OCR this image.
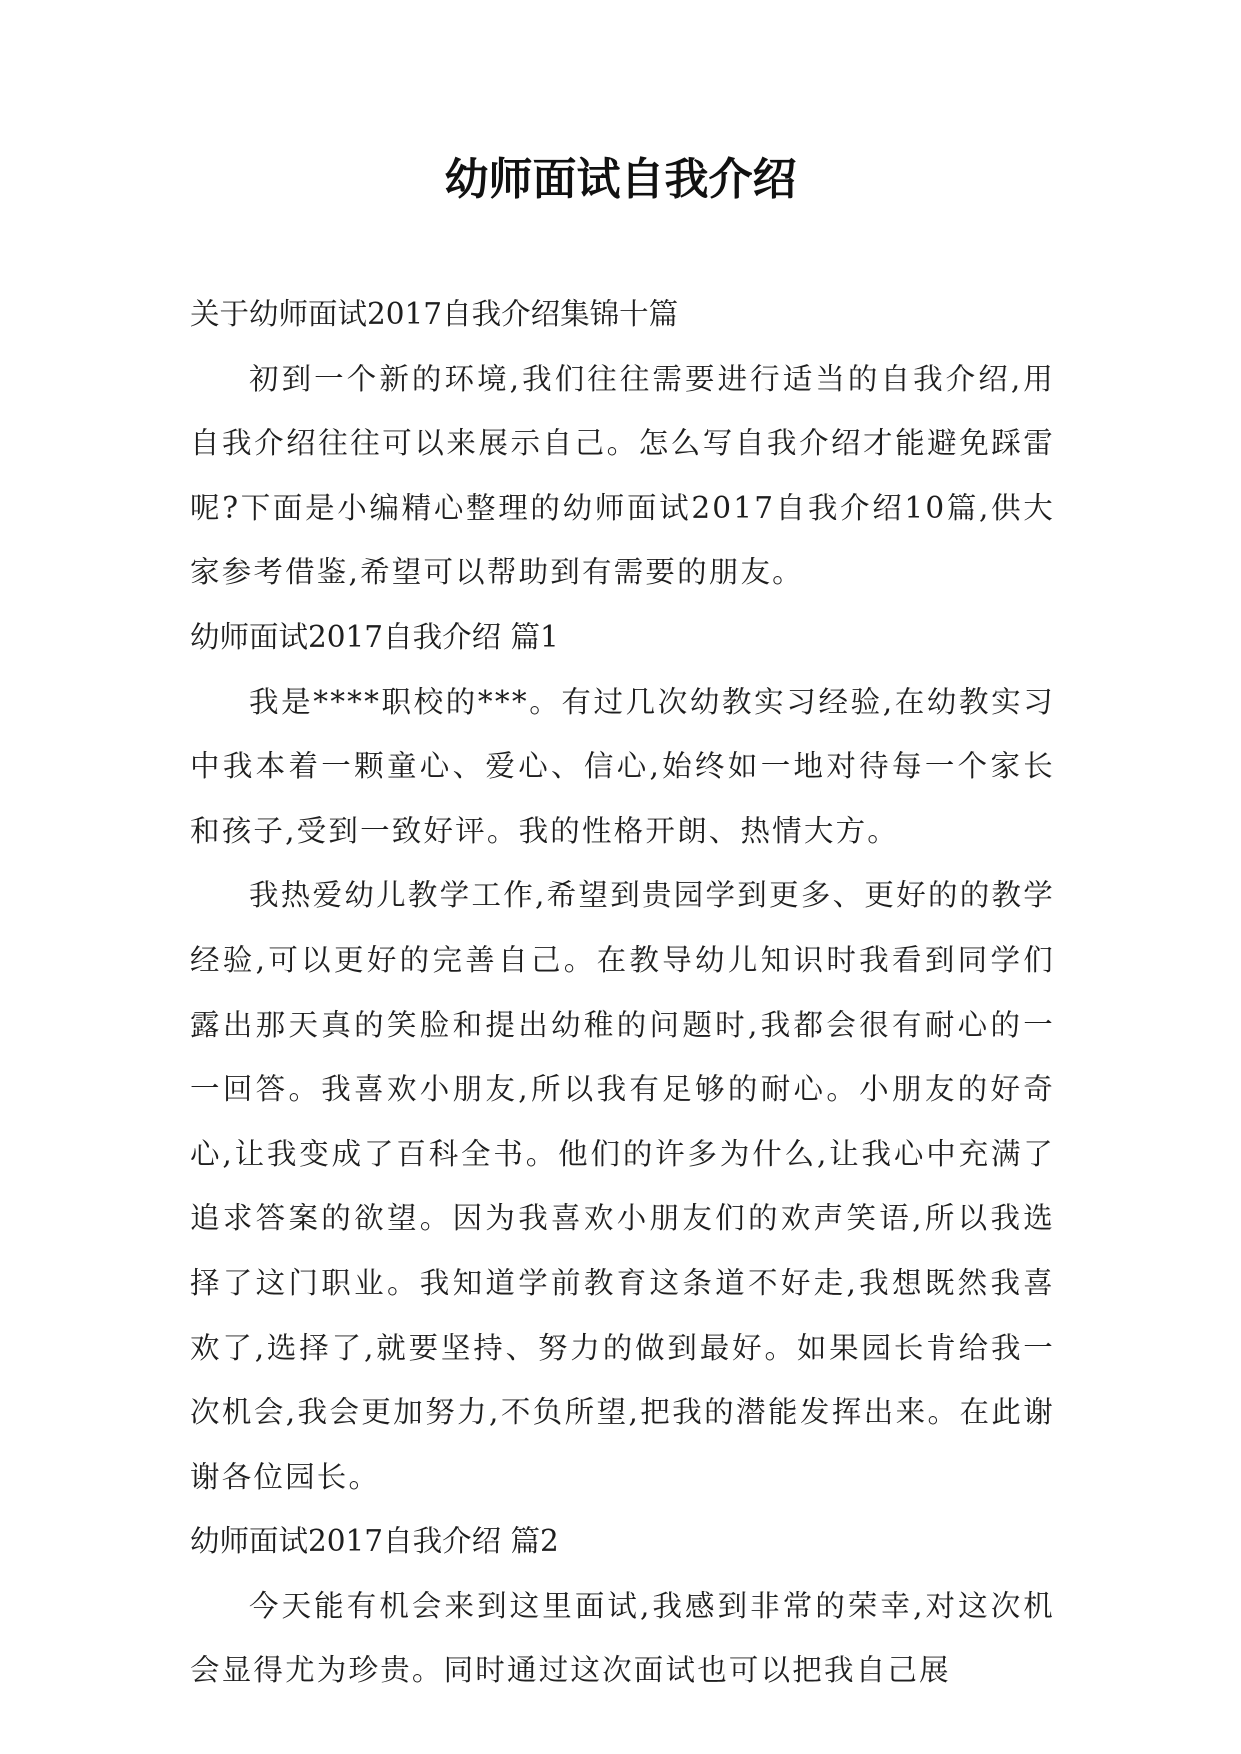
幼师面试自我介绍

关于幼师面试2017自我介绍集锦十篇

初到一个新的环境,我们往往需要进行适当的自我介绍,用自我介绍往往可以来展示自己。怎么写自我介绍才能避免踩雷呢?下面是小编精心整理的幼师面试2017自我介绍10篇,供大家参考借鉴,希望可以帮助到有需要的朋友。

幼师面试2017自我介绍 篇1

我是****职校的***。有过几次幼教实习经验,在幼教实习中我本着一颗童心、爱心、信心,始终如一地对待每一个家长和孩子,受到一致好评。我的性格开朗、热情大方。

我热爱幼儿教学工作,希望到贵园学到更多、更好的的教学经验,可以更好的完善自己。在教导幼儿知识时我看到同学们露出那天真的笑脸和提出幼稚的问题时,我都会很有耐心的一一回答。我喜欢小朋友,所以我有足够的耐心。小朋友的好奇心,让我变成了百科全书。他们的许多为什么,让我心中充满了追求答案的欲望。因为我喜欢小朋友们的欢声笑语,所以我选择了这门职业。我知道学前教育这条道不好走,我想既然我喜欢了,选择了,就要坚持、努力的做到最好。如果园长肯给我一次机会,我会更加努力,不负所望,把我的潜能发挥出来。在此谢谢各位园长。

幼师面试2017自我介绍 篇2

今天能有机会来到这里面试,我感到非常的荣幸,对这次机会显得尤为珍贵。同时通过这次面试也可以把我自己展
